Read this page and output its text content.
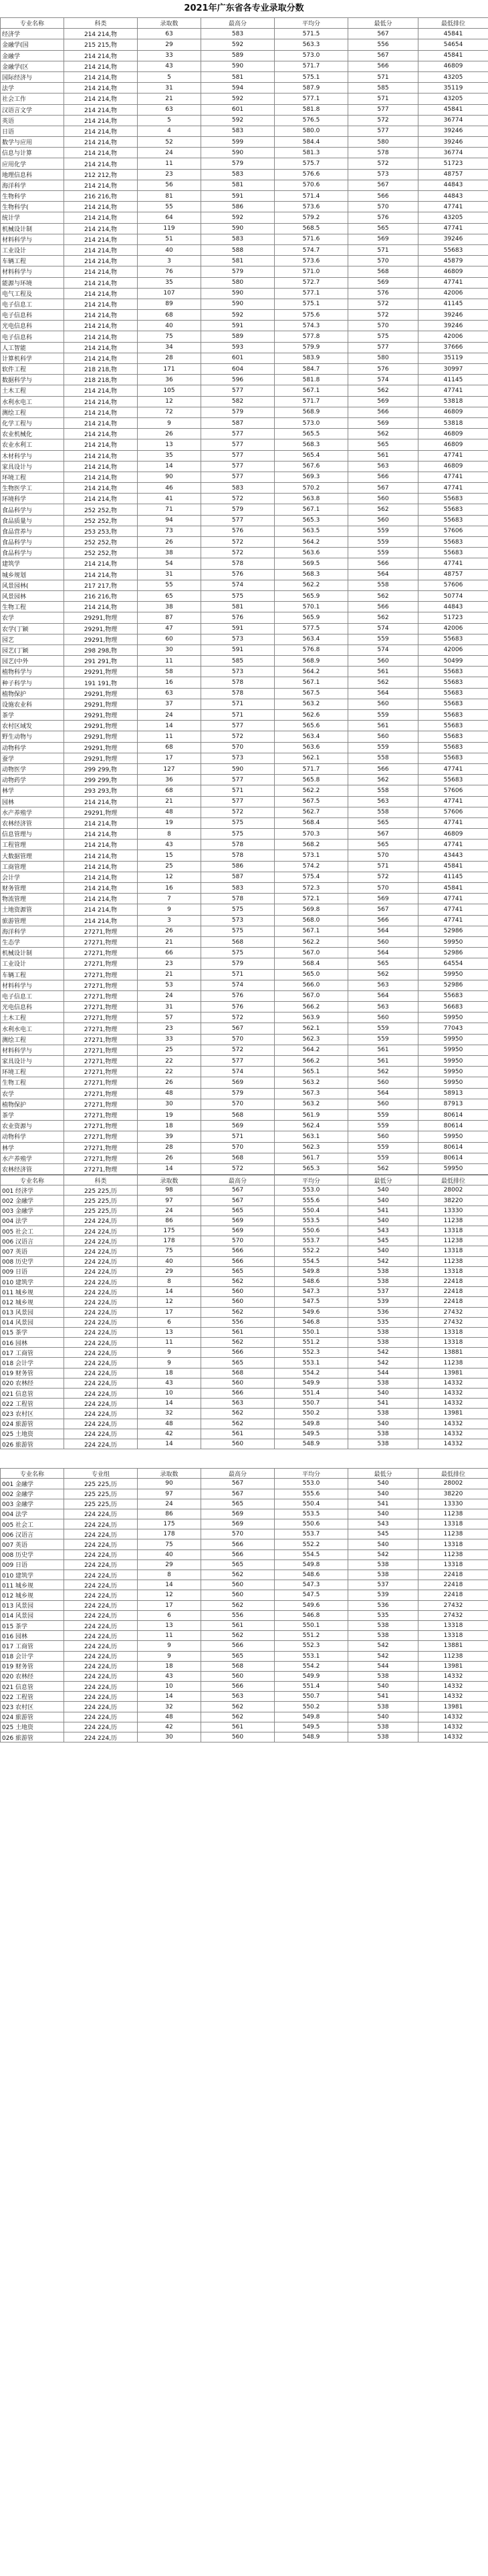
2021年广东省各专业录取分数
专业名称	科类	录取数	最高分	平均分	最低分	最低排位
经济学	214 214,物	63	583	571.5	567	45841
金融学(国	215 215,物	29	592	563.3	556	54654
金融学	214 214,物	33	589	573.0	567	45841
金融学(区	214 214,物	43	590	571.7	566	46809
国际经济与	214 214,物	5	581	575.1	571	43205
法学	214 214,物	31	594	587.9	585	35119
社会工作	214 214,物	21	592	577.1	571	43205
汉语言文学	214 214,物	63	601	581.8	577	45841
英语	214 214,物	5	592	576.5	572	36774
日语	214 214,物	4	583	580.0	577	39246
数学与应用	214 214,物	52	599	584.4	580	39246
信息与计算	214 214,物	24	590	581.3	578	36774
应用化学	214 214,物	11	579	575.7	572	51723
地理信息科	212 212,物	23	583	576.6	573	48757
海洋科学	214 214,物	56	581	570.6	567	44843
生物科学	216 216,物	81	591	571.4	566	44843
生物科学(	214 214,物	55	586	573.6	570	47741
统计学	214 214,物	64	592	579.2	576	43205
机械设计制	214 214,物	119	590	568.5	565	47741
材料科学与	214 214,物	51	583	571.6	569	39246
工业设计	214 214,物	40	588	574.7	571	55683
车辆工程	214 214,物	3	581	573.6	570	45879
材料科学与	214 214,物	76	579	571.0	568	46809
能源与环境	214 214,物	35	580	572.7	569	47741
电气工程及	214 214,物	107	590	577.1	576	42006
电子信息工	214 214,物	89	590	575.1	572	41145
电子信息科	214 214,物	68	592	575.6	572	39246
光电信息科	214 214,物	40	591	574.3	570	39246
电子信息科	214 214,物	75	589	577.8	575	42006
人工智能	214 214,物	34	593	579.9	577	37666
计算机科学	214 214,物	28	601	583.9	580	35119
软件工程	218 218,物	171	604	584.7	576	30997
数据科学与	218 218,物	36	596	581.8	574	41145
土木工程	214 214,物	105	577	567.1	562	47741
水利水电工	214 214,物	12	582	571.7	569	53818
测绘工程	214 214,物	72	579	568.9	566	46809
化学工程与	214 214,物	9	587	573.0	569	53818
农业机械化	214 214,物	26	577	565.5	562	46809
农业水利工	214 214,物	13	577	568.3	565	46809
木材科学与	214 214,物	35	577	565.4	561	47741
家具设计与	214 214,物	14	577	567.6	563	46809
环境工程	214 214,物	90	577	569.3	566	47741
生物医学工	214 214,物	46	583	570.2	567	47741
环境科学	214 214,物	41	572	563.8	560	55683
食品科学与	252 252,物	71	579	567.1	562	55683
食品质量与	252 252,物	94	577	565.3	560	55683
食品营养与	253 253,物	73	576	563.5	559	57606
食品科学与	252 252,物	26	572	564.2	559	55683
食品科学与	252 252,物	38	572	563.6	559	55683
建筑学	214 214,物	54	578	569.5	566	47741
城乡规划	214 214,物	31	576	568.3	564	48757
风景园林(	217 217,物	55	574	562.2	558	57606
风景园林	216 216,物	65	575	565.9	562	50774
生物工程	214 214,物	38	581	570.1	566	44843
农学	29291,物理	87	576	565.9	562	51723
农学(丁颖	29291,物理	47	591	577.5	574	42006
园艺	29291,物理	60	573	563.4	559	55683
园艺(丁颖	298 298,物	30	591	576.8	574	42006
园艺(中外	291 291,物	11	585	568.9	560	50499
植物科学与	29291,物理	58	573	564.2	561	55683
种子科学与	191 191,物	16	578	567.1	562	55683
植物保护	29291,物理	63	578	567.5	564	55683
设施农业科	29291,物理	37	571	563.2	560	55683
茶学	29291,物理	24	571	562.6	559	55683
农村区域发	29291,物理	14	577	565.6	561	55683
野生动物与	29291,物理	11	572	563.4	560	55683
动物科学	29291,物理	68	570	563.6	559	55683
蚕学	29291,物理	17	573	562.1	558	55683
动物医学	299 299,物	127	590	571.7	566	47741
动物药学	299 299,物	36	577	565.8	562	55683
林学	293 293,物	68	571	562.2	558	57606
园林	214 214,物	21	577	567.5	563	47741
水产养殖学	29291,物理	48	572	562.7	558	57606
农林经济管	214 214,物	19	575	568.4	565	47741
信息管理与	214 214,物	8	575	570.3	567	46809
工程管理	214 214,物	43	578	568.2	565	47741
大数据管理	214 214,物	15	578	573.1	570	43443
工商管理	214 214,物	25	586	574.2	571	45841
会计学	214 214,物	12	587	575.4	572	41145
财务管理	214 214,物	16	583	572.3	570	45841
物流管理	214 214,物	7	578	572.1	569	47741
土地资源管	214 214,物	9	575	569.8	567	47741
旅游管理	214 214,物	3	573	568.0	566	47741
海洋科学	27271,物理	26	575	567.1	564	52986
生态学	27271,物理	21	568	562.2	560	59950
机械设计制	27271,物理	66	575	567.0	564	52986
工业设计	27271,物理	23	579	568.4	565	64554
车辆工程	27271,物理	21	571	565.0	562	59950
材料科学与	27271,物理	53	574	566.0	563	52986
电子信息工	27271,物理	24	576	567.0	564	55683
光电信息科	27271,物理	31	576	566.2	563	56683
土木工程	27271,物理	57	572	563.9	560	59950
水利水电工	27271,物理	23	567	562.1	559	77043
测绘工程	27271,物理	33	570	562.3	559	59950
材料科学与	27271,物理	25	572	564.2	561	59950
家具设计与	27271,物理	22	577	566.2	561	59950
环境工程	27271,物理	22	574	565.1	562	59950
生物工程	27271,物理	26	569	563.2	560	59950
农学	27271,物理	48	579	567.3	564	58913
植物保护	27271,物理	30	570	563.2	560	87913
茶学	27271,物理	19	568	561.9	559	80614
农业资源与	27271,物理	18	569	562.4	559	80614
动物科学	27271,物理	39	571	563.1	560	59950
林学	27271,物理	28	570	562.3	559	80614
水产养殖学	27271,物理	26	568	561.7	559	80614
农林经济管	27271,物理	14	572	565.3	562	59950
专业名称	科类	录取数	最高分	平均分	最低分	最低排位
001 经济学	225 225,历	98	567	553.0	540	28002
002 金融学	225 225,历	97	567	555.6	540	38220
003 金融学	225 225,历	24	565	550.4	541	13330
004 法学	224 224,历	86	569	553.5	540	11238
005 社会工	224 224,历	175	569	550.6	543	13318
006 汉语言	224 224,历	178	570	553.7	545	11238
007 英语	224 224,历	75	566	552.2	540	13318
008 历史学	224 224,历	40	566	554.5	542	11238
009 日语	224 224,历	29	565	549.8	538	13318
010 建筑学	224 224,历	8	562	548.6	538	22418
011 城乡规	224 224,历	14	560	547.3	537	22418
012 城乡规	224 224,历	12	560	547.5	539	22418
013 风景园	224 224,历	17	562	549.6	536	27432
014 风景园	224 224,历	6	556	546.8	535	27432
015 茶学	224 224,历	13	561	550.1	538	13318
016 园林	224 224,历	11	562	551.2	538	13318
017 工商管	224 224,历	9	566	552.3	542	13881
018 会计学	224 224,历	9	565	553.1	542	11238
019 财务管	224 224,历	18	568	554.2	544	13981
020 农林经	224 224,历	43	560	549.9	538	14332
021 信息管	224 224,历	10	566	551.4	540	14332
022 工程管	224 224,历	14	563	550.7	541	14332
023 农村区	224 224,历	32	562	550.2	538	13981
024 旅游管	224 224,历	48	562	549.8	540	14332
025 土地资	224 224,历	42	561	549.5	538	14332
026 旅游管	224 224,历	14	560	548.9	538	14332
专业名称	专业组	录取数	最高分	平均分	最低分	最低排位
001 金融学	225 225,历	90	567	553.0	540	28002
002 金融学	225 225,历	97	567	555.6	540	38220
003 金融学	225 225,历	24	565	550.4	541	13330
004 法学	224 224,历	86	569	553.5	540	11238
005 社会工	224 224,历	175	569	550.6	543	13318
006 汉语言	224 224,历	178	570	553.7	545	11238
007 英语	224 224,历	75	566	552.2	540	13318
008 历史学	224 224,历	40	566	554.5	542	11238
009 日语	224 224,历	29	565	549.8	538	13318
010 建筑学	224 224,历	8	562	548.6	538	22418
011 城乡规	224 224,历	14	560	547.3	537	22418
012 城乡规	224 224,历	12	560	547.5	539	22418
013 风景园	224 224,历	17	562	549.6	536	27432
014 风景园	224 224,历	6	556	546.8	535	27432
015 茶学	224 224,历	13	561	550.1	538	13318
016 园林	224 224,历	11	562	551.2	538	13318
017 工商管	224 224,历	9	566	552.3	542	13881
018 会计学	224 224,历	9	565	553.1	542	11238
019 财务管	224 224,历	18	568	554.2	544	13981
020 农林经	224 224,历	43	560	549.9	538	14332
021 信息管	224 224,历	10	566	551.4	540	14332
022 工程管	224 224,历	14	563	550.7	541	14332
023 农村区	224 224,历	32	562	550.2	538	13981
024 旅游管	224 224,历	48	562	549.8	540	14332
025 土地资	224 224,历	42	561	549.5	538	14332
026 旅游管	224 224,历	30	560	548.9	538	14332
